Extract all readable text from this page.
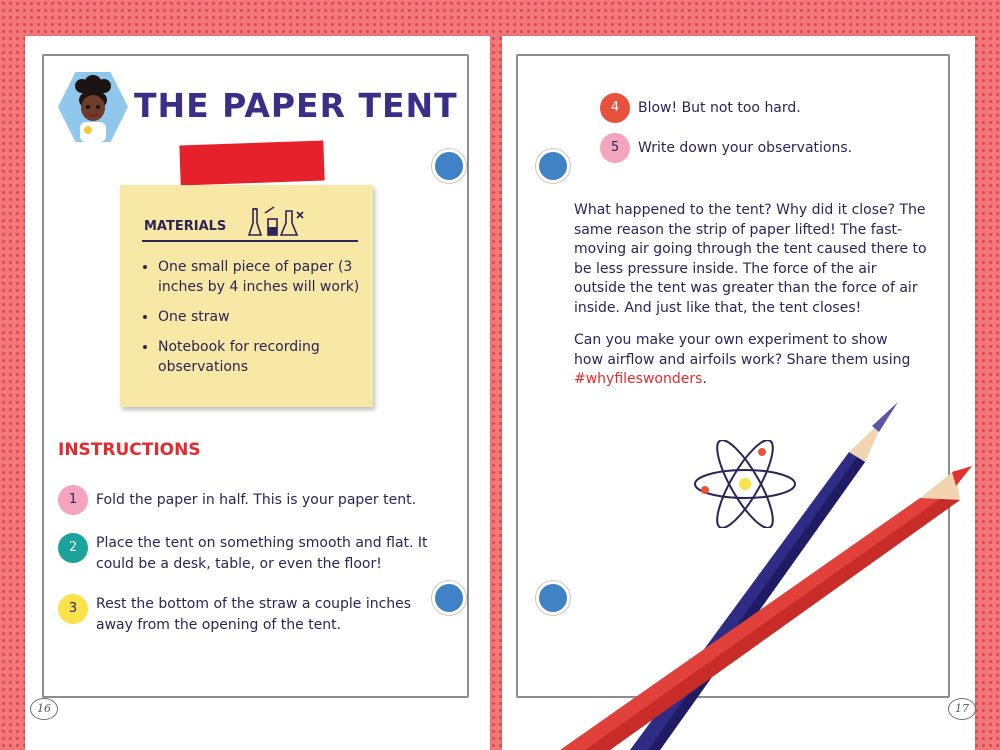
16	17
THE PAPER TENT
MATERIALS
• One small piece of paper (3 inches by 4 inches will work)
• One straw
• Notebook for recording observations
INSTRUCTIONS
1	Fold the paper in half. This is your paper tent.
2	Place the tent on something smooth and flat. It could be a desk, table, or even the floor!
3	Rest the bottom of the straw a couple inches away from the opening of the tent.
4	Blow! But not too hard.
5	Write down your observations.
What happened to the tent? Why did it close? The same reason the strip of paper lifted! The fast-moving air going through the tent caused there to be less pressure inside. The force of the air outside the tent was greater than the force of air inside. And just like that, the tent closes!
Can you make your own experiment to show how airflow and airfoils work? Share them using #whyfileswonders.
